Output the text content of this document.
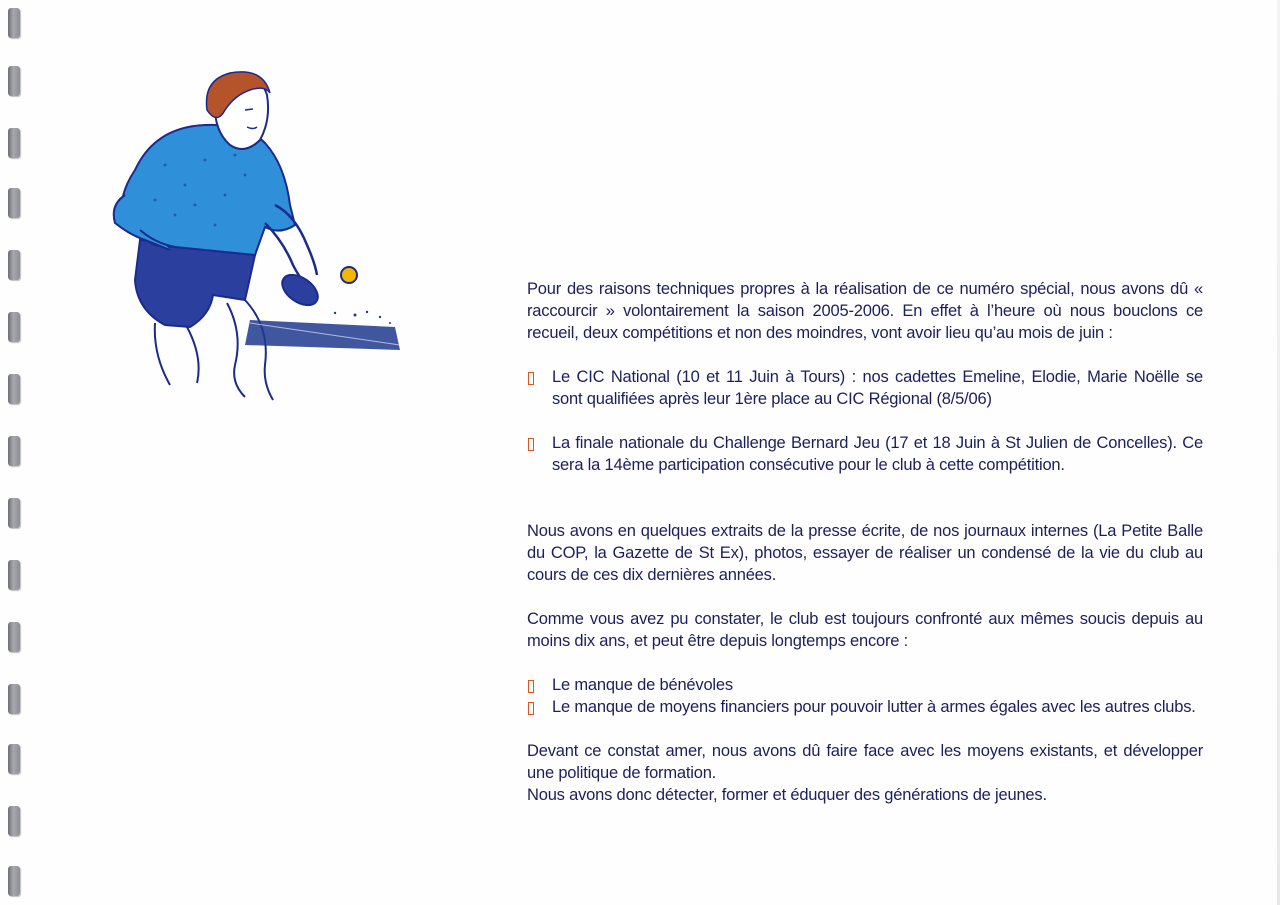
Pour des raisons techniques propres à la réalisation de ce numéro spécial, nous avons dû « raccourcir » volontairement la saison 2005-2006. En effet à l’heure où nous bouclons ce recueil, deux compétitions et non des moindres, vont avoir lieu qu’au mois de juin :

Le CIC National (10 et 11 Juin à Tours) : nos cadettes Emeline, Elodie, Marie Noëlle se sont qualifiées après leur 1ère place au CIC Régional (8/5/06)
La finale nationale du Challenge Bernard Jeu (17 et 18 Juin à St Julien de Concelles). Ce sera la 14ème participation consécutive pour le club à cette compétition.

Nous avons en quelques extraits de la presse écrite, de nos journaux internes (La Petite Balle du COP, la Gazette de St Ex), photos, essayer de réaliser un condensé de la vie du club au cours de ces dix dernières années.

Comme vous avez pu constater, le club est toujours confronté aux mêmes soucis depuis au moins dix ans, et peut être depuis longtemps encore :

Le manque de bénévoles
Le manque de moyens financiers pour pouvoir lutter à armes égales avec les autres clubs.

Devant ce constat amer, nous avons dû faire face avec les moyens existants, et développer une politique de formation.

Nous avons donc détecter, former et éduquer des générations de jeunes.
